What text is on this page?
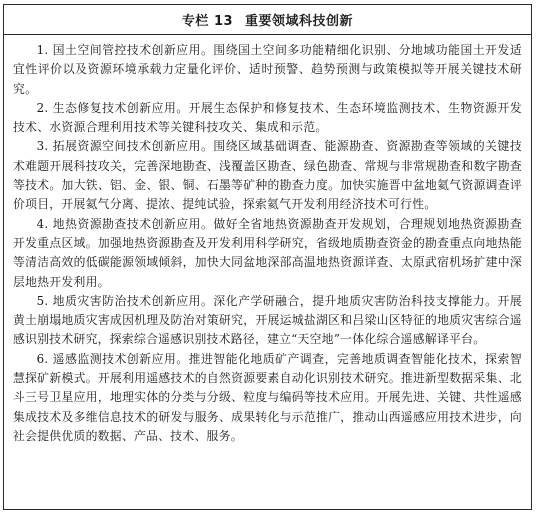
专栏 13 重要领域科技创新

1. 国土空间管控技术创新应用。围绕国土空间多功能精细化识别、分地域功能国土开发适宜性评价以及资源环境承载力定量化评价、适时预警、趋势预测与政策模拟等开展关键技术研究。

2. 生态修复技术创新应用。开展生态保护和修复技术、生态环境监测技术、生物资源开发技术、水资源合理利用技术等关键科技攻关、集成和示范。

3. 拓展资源空间技术创新应用。围绕区域基础调查、能源勘查、资源勘查等领域的关键技术难题开展科技攻关，完善深地勘查、浅覆盖区勘查、绿色勘查、常规与非常规勘查和数字勘查等技术。加大铁、铝、金、银、铜、石墨等矿种的勘查力度。加快实施晋中盆地氦气资源调查评价项目，开展氦气分离、提浓、提纯试验，探索氦气开发利用经济技术可行性。

4. 地热资源勘查技术创新应用。做好全省地热资源勘查开发规划，合理规划地热资源勘查开发重点区域。加强地热资源勘查及开发利用科学研究，省级地质勘查资金的勘查重点向地热能等清洁高效的低碳能源领域倾斜，加快大同盆地深部高温地热资源详查、太原武宿机场扩建中深层地热开发利用。

5. 地质灾害防治技术创新应用。深化产学研融合，提升地质灾害防治科技支撑能力。开展黄土崩塌地质灾害成因机理及防治对策研究，开展运城盐湖区和吕梁山区特征的地质灾害综合遥感识别技术研究，探索综合遥感识别技术路径，建立“天空地”一体化综合遥感解译平台。

6. 遥感监测技术创新应用。推进智能化地质矿产调查，完善地质调查智能化技术，探索智慧探矿新模式。开展利用遥感技术的自然资源要素自动化识别技术研究。推进新型数据采集、北斗三号卫星应用，地理实体的分类与分级、粒度与编码等技术应用。开展先进、关键、共性遥感集成技术及多维信息技术的研发与服务、成果转化与示范推广，推动山西遥感应用技术进步，向社会提供优质的数据、产品、技术、服务。
